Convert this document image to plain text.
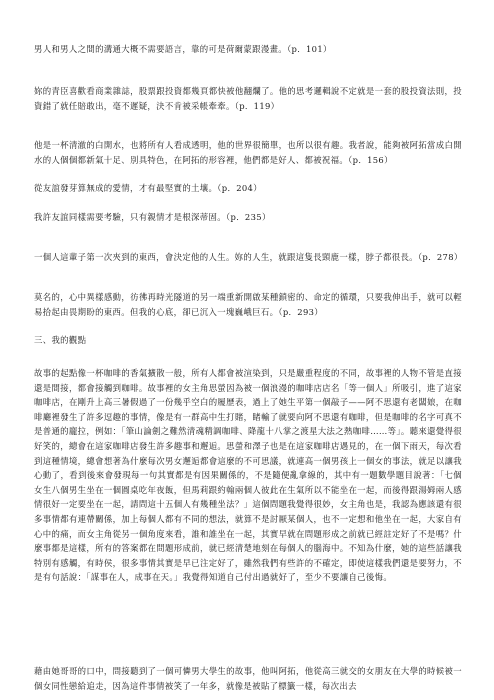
男人和男人之間的溝通大概不需要語言，靠的可是荷爾蒙跟漫畫。（p．101）

妳的青臣喜歡看商業雜誌，股票跟投資都幾頁都快被他翻爛了。他的思考邏輯說不定就是一套的股投資法則，投資錯了就任賠敢出，毫不遲疑，決不肯被采帳牽牽。（p．119）

他是一杯清澈的白開水，也將所有人看成透明，他的世界很簡單，也所以很有趣。我者說，能夠被阿拓當成白開水的人個個都新氣十足、別具特色，在阿拓的形容裡，他們都是好人、都被祝福。（p．156）

從友誼發芽算無成的愛情，才有最堅實的土壤。（p．204）

我許友誼同樣需要考驗，只有親情才是根深蒂固。（p．235）

一個人這輩子第一次夾到的東西，會決定他的人生。妳的人生，就跟這隻長頸鹿一樣，脖子都很長。（p．278）

莫名的，心中異樣感動，彷彿再時光隧道的另一端重新開啟某種鎖密的、命定的循環，只要我伸出手，就可以輕易拾起由畏期盼的東西。但我的心底，卻已沉入一塊巍峨巨石。（p．293）

三、我的觀點

故事的起點像一杯咖啡的香氣擴散一般，所有人都會被渲染到，只是嚴重程度的不同，故事裡的人物不管是直接還是間接，都會接觸到咖啡。故事裡的女主角思螢因為被一個浪漫的咖啡店店名「等一個人」所吸引，進了這家咖啡店，在剛升上高三暑假過了一份幾乎空白的履歷表，過上了她生平第一個敲子——阿不思還有老闆娘，在咖啡廳裡發生了許多逗趣的事情，像是有一群高中生打賭，睹輸了就要向阿不思還有咖啡，但是咖啡的名字可真不是普通的龐拉，例如：「筆山論劍之難然清魂精調咖啡、降龍十八掌之渡星大法之熱咖啡……等」。聽來還覺得很好笑的，總會在這家咖啡店發生許多趣事和邂逅。思螢和澤子也是在這家咖啡店遇見的，在一個下雨天，每次看到這種情境，總會想著為什麼每次男女邂逅都會這麼的不可思議，就連高一個男孩上一個女的事法，就足以讓我心動了，看到後來會發現每一句其實都是有因果關係的，不是隨便亂拿線的，其中有一題數學題目說著：「七個女生八個男生坐在一個圓桌吃年夜飯，但馬莉跟約翰兩個人彼此在生氣所以不能坐在一起，而後得跟湯姆兩人感情很好一定要坐在一起，請問這十五個人有幾種坐法？」這個問題我覺得很妙，女主角也是，我認為應該還有很多事情都有連帶關係，加上每個人都有不同的想法，就算不是討厭某個人，也不一定想和他坐在一起，大家自有心中的痛，而女主角從另一個角度來看，誰和誰坐在一起，其實早就在問題形成之前就已經註定好了不是嗎？什麼事都是這樣，所有的答案都在問題形成前，就已經清楚地刻在每個人的腦海中。不知為什麼，她的這些話讓我特別有感觸，有時侯，很多事情其實是早已注定好了，雖然我們有些許的不確定，即使這樣我們還是要努力，不是有句話說：「謀事在人，成事在天。」我覺得知道自己付出過就好了，至少不要讓自己後悔。

藉由她哥哥的口中，問接聽到了一個可憐男大學生的故事，他叫阿拓，他從高三就交的女朋友在大學的時候被一個女同性戀給追走，因為這件事情被笑了一年多，就像是被貼了標籤一樣，每次出去
